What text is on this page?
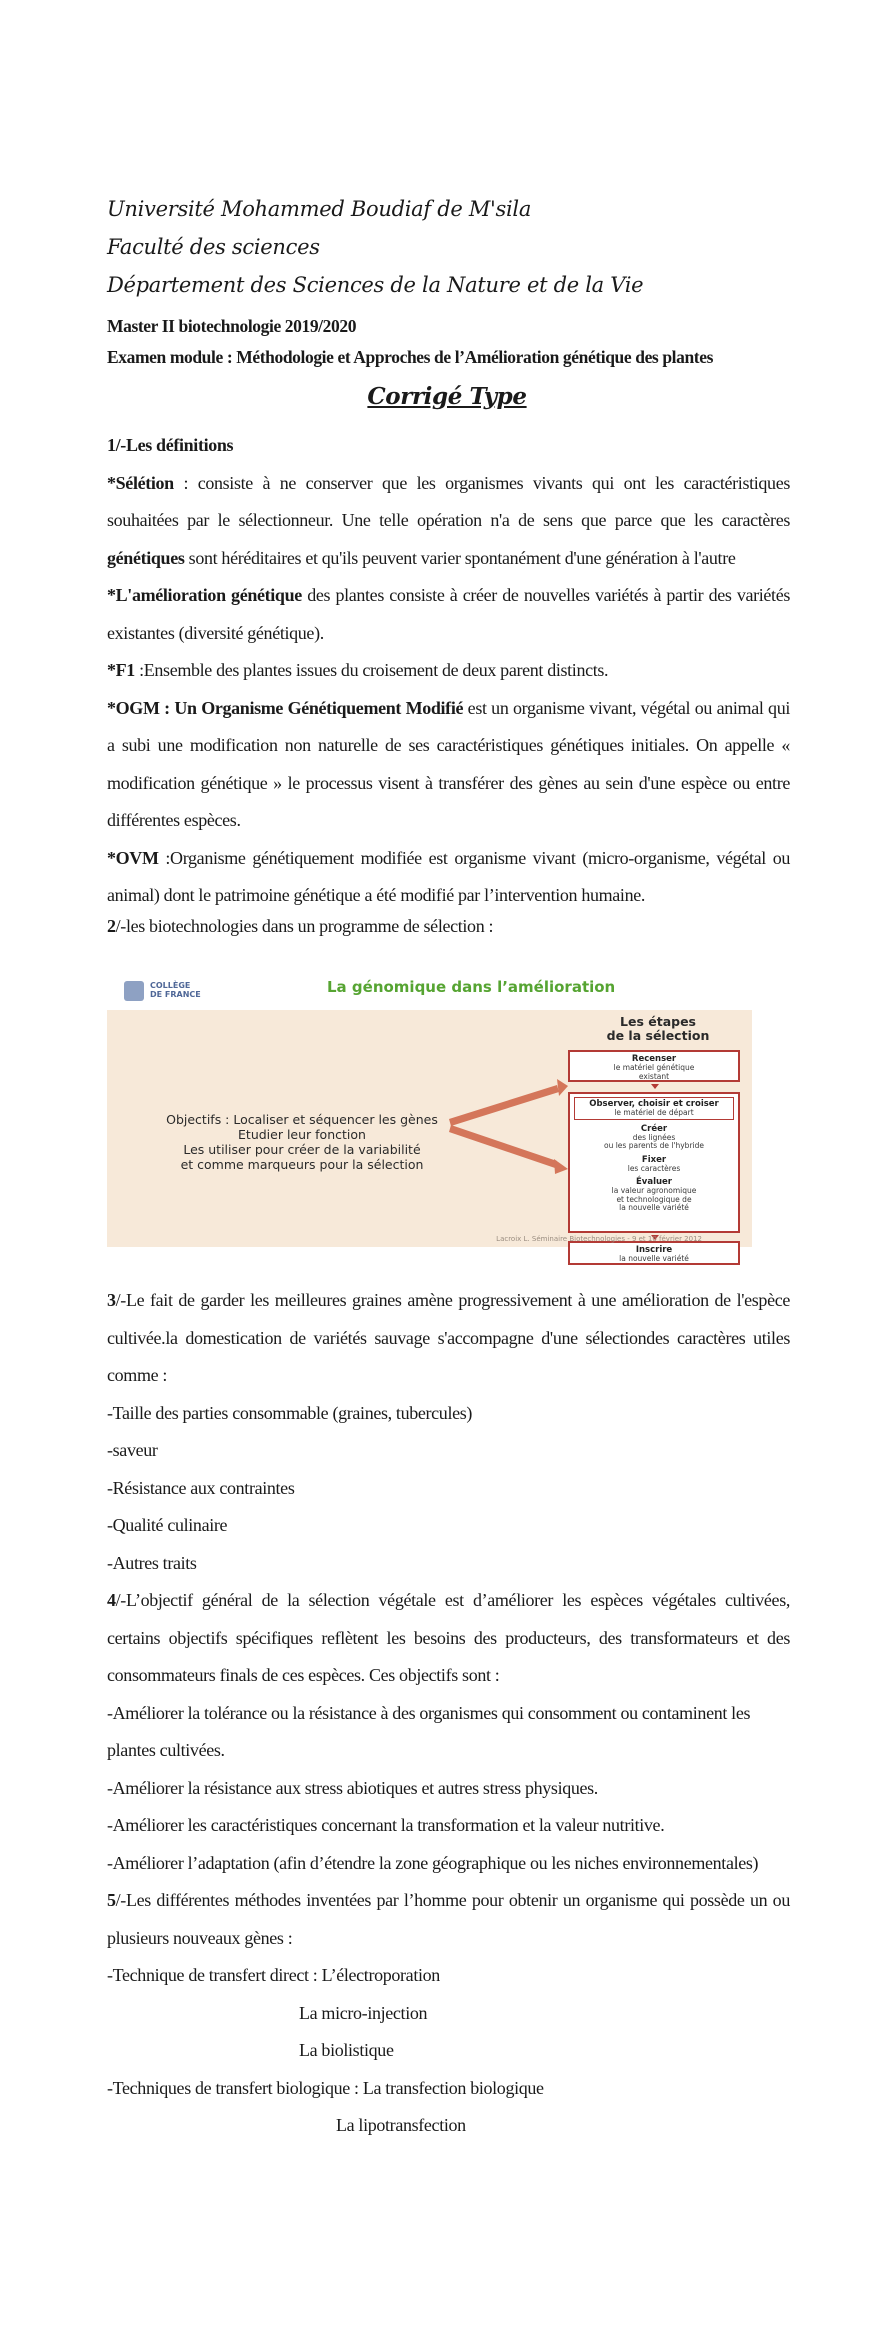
Université Mohammed Boudiaf de M'sila
Faculté des sciences
Département des Sciences de la Nature et de la Vie
Master II biotechnologie 2019/2020
Examen module : Méthodologie et Approches de l’Amélioration génétique des plantes
Corrigé Type

1/-Les définitions

*Sélétion : consiste à ne conserver que les organismes vivants qui ont les caractéristiques souhaitées par le sélectionneur. Une telle opération n'a de sens que parce que les caractères génétiques sont héréditaires et qu'ils peuvent varier spontanément d'une génération à l'autre

*L'amélioration génétique des plantes consiste à créer de nouvelles variétés à partir des variétés existantes (diversité génétique).

*F1 :Ensemble des plantes issues du croisement de deux parent distincts.

*OGM : Un Organisme Génétiquement Modifié est un organisme vivant, végétal ou animal qui a subi une modification non naturelle de ses caractéristiques génétiques initiales. On appelle « modification génétique » le processus visent à transférer des gènes au sein d'une espèce ou entre différentes espèces.

*OVM :Organisme génétiquement modifiée est organisme vivant (micro-organisme, végétal ou animal) dont le patrimoine génétique a été modifié par l’intervention humaine.

2/-les biotechnologies dans un programme de sélection :

COLLÈGE
DE FRANCE	La génomique dans l’amélioration
Objectifs : Localiser et séquencer les gènes
Etudier leur fonction
Les utiliser pour créer de la variabilité
et comme marqueurs pour la sélection
Les étapes
de la sélection
Recenser
le matériel génétique
existant
Observer, choisir et croiser
le matériel de départ
Créer
des lignées
ou les parents de l'hybride
Fixer
les caractères
Évaluer
la valeur agronomique
et technologique de
la nouvelle variété
Inscrire
la nouvelle variété
Lacroix L. Séminaire Biotechnologies - 9 et 10 février 2012

3/-Le fait de garder les meilleures graines amène progressivement à une amélioration de l'espèce cultivée.la domestication de variétés sauvage s'accompagne d'une sélectiondes caractères utiles comme :

-Taille des parties consommable (graines, tubercules)

-saveur

-Résistance aux contraintes

-Qualité culinaire

-Autres traits

4/-L’objectif général de la sélection végétale est d’améliorer les espèces végétales cultivées, certains objectifs spécifiques reflètent les besoins des producteurs, des transformateurs et des consommateurs finals de ces espèces. Ces objectifs sont :

-Améliorer la tolérance ou la résistance à des organismes qui consomment ou contaminent les plantes cultivées.

-Améliorer la résistance aux stress abiotiques et autres stress physiques.

-Améliorer les caractéristiques concernant la transformation et la valeur nutritive.

-Améliorer l’adaptation (afin d’étendre la zone géographique ou les niches environnementales)

5/-Les différentes méthodes inventées par l’homme pour obtenir un organisme qui possède un ou plusieurs nouveaux gènes :

-Technique de transfert direct : L’électroporation

La micro-injection

La biolistique

-Techniques de transfert biologique : La transfection biologique

La lipotransfection
